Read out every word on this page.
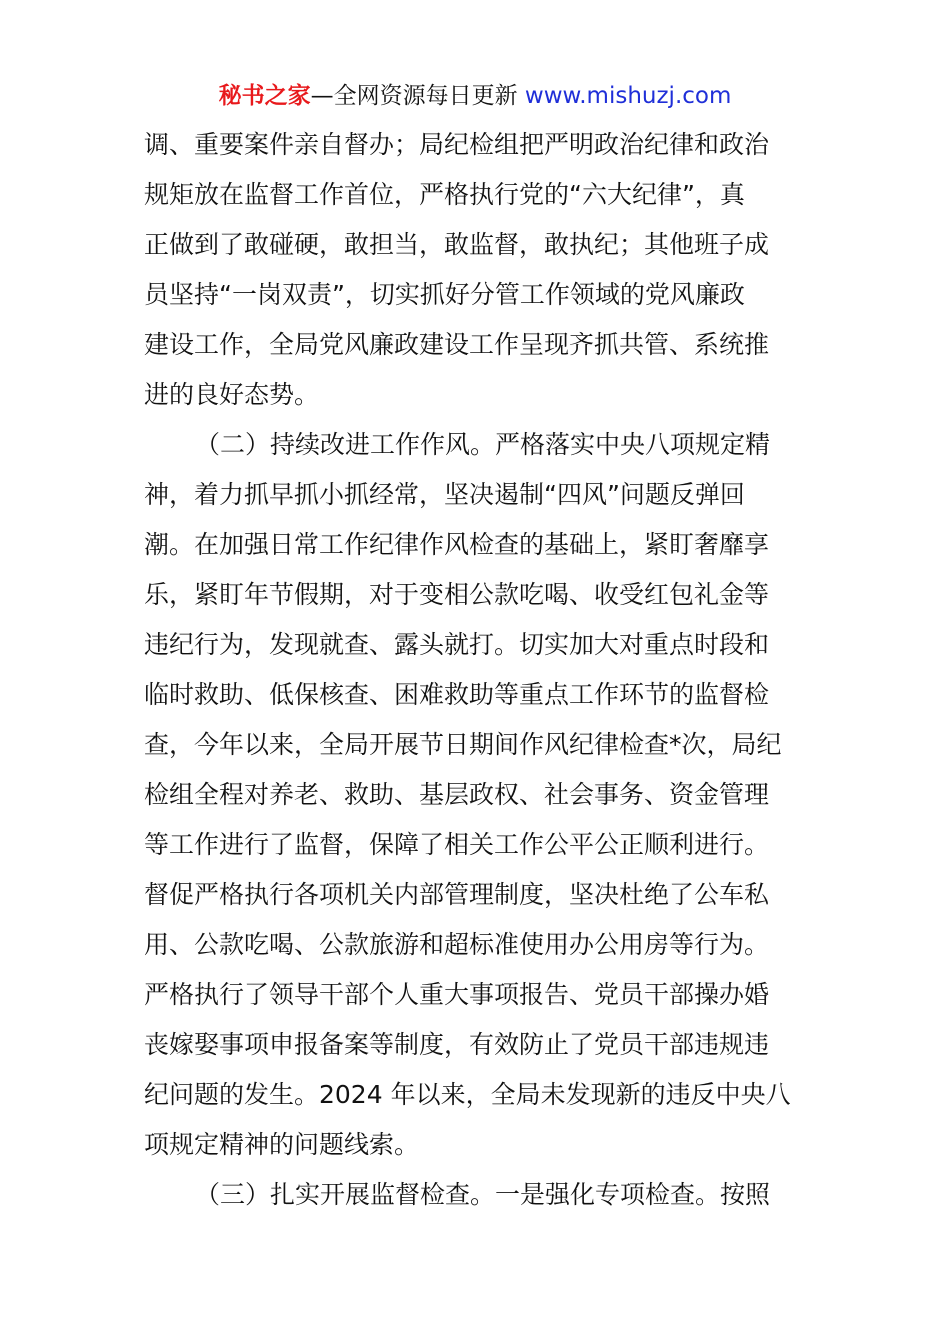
秘书之家—全网资源每日更新 www.mishuzj.com
调、重要案件亲自督办；局纪检组把严明政治纪律和政治
规矩放在监督工作首位，严格执行党的“六大纪律”，真
正做到了敢碰硬，敢担当，敢监督，敢执纪；其他班子成
员坚持“一岗双责”，切实抓好分管工作领域的党风廉政
建设工作，全局党风廉政建设工作呈现齐抓共管、系统推
进的良好态势。
（二）持续改进工作作风。严格落实中央八项规定精
神，着力抓早抓小抓经常，坚决遏制“四风”问题反弹回
潮。在加强日常工作纪律作风检查的基础上，紧盯奢靡享
乐，紧盯年节假期，对于变相公款吃喝、收受红包礼金等
违纪行为，发现就查、露头就打。切实加大对重点时段和
临时救助、低保核查、困难救助等重点工作环节的监督检
查，今年以来，全局开展节日期间作风纪律检查*次，局纪
检组全程对养老、救助、基层政权、社会事务、资金管理
等工作进行了监督，保障了相关工作公平公正顺利进行。
督促严格执行各项机关内部管理制度，坚决杜绝了公车私
用、公款吃喝、公款旅游和超标准使用办公用房等行为。
严格执行了领导干部个人重大事项报告、党员干部操办婚
丧嫁娶事项申报备案等制度，有效防止了党员干部违规违
纪问题的发生。2024 年以来，全局未发现新的违反中央八
项规定精神的问题线索。
（三）扎实开展监督检查。一是强化专项检查。按照
